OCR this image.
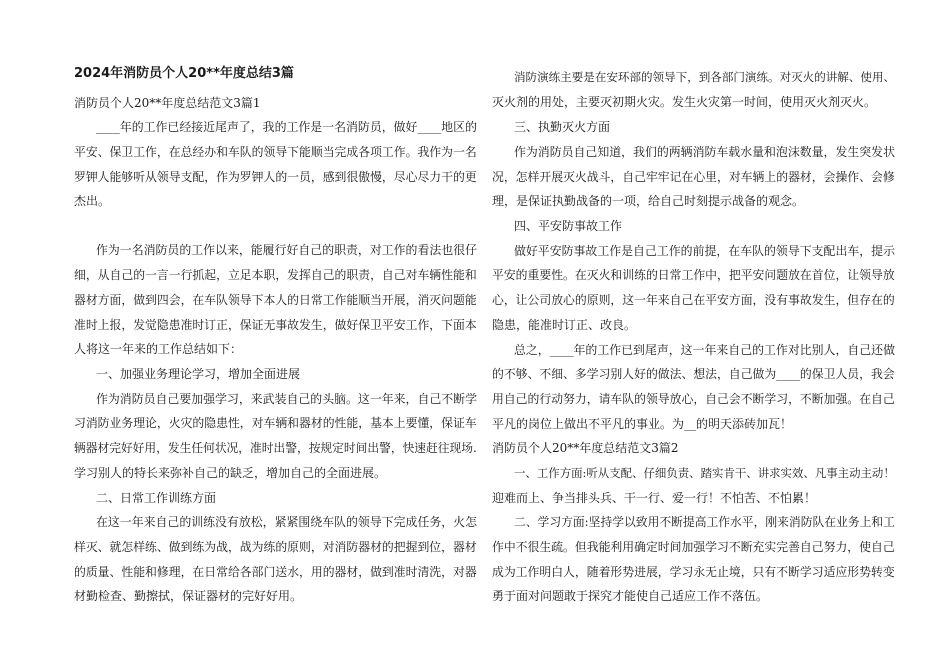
2024年消防员个人20**年度总结3篇
消防员个人20**年度总结范文3篇1
____年的工作已经接近尾声了，我的工作是一名消防员，做好____地区的
平安、保卫工作，在总经办和车队的领导下能顺当完成各项工作。我作为一名
罗钾人能够听从领导支配，作为罗钾人的一员，感到很傲慢，尽心尽力干的更
杰出。
作为一名消防员的工作以来，能履行好自己的职责，对工作的看法也很仔
细，从自己的一言一行抓起，立足本职，发挥自己的职责，自己对车辆性能和
器材方面，做到四会，在车队领导下本人的日常工作能顺当开展，消灭问题能
准时上报，发觉隐患准时订正，保证无事故发生，做好保卫平安工作，下面本
人将这一年来的工作总结如下：
一、加强业务理论学习，增加全面进展
作为消防员自己要加强学习，来武装自己的头脑。这一年来，自己不断学
习消防业务理论，火灾的隐患性，对车辆和器材的性能，基本上要懂，保证车
辆器材完好好用，发生任何状况，准时出警，按规定时间出警，快速赶往现场.
学习别人的特长来弥补自己的缺乏，增加自己的全面进展。
二、日常工作训练方面
在这一年来自己的训练没有放松，紧紧围绕车队的领导下完成任务，火怎
样灭、就怎样练、做到练为战，战为练的原则，对消防器材的把握到位，器材
的质量、性能和修理，在日常给各部门送水，用的器材，做到准时清洗，对器
材勤检查、勤擦拭，保证器材的完好好用。
消防演练主要是在安环部的领导下，到各部门演练。对灭火的讲解、使用、
灭火剂的用处，主要灭初期火灾。发生火灾第一时间，使用灭火剂灭火。
三、执勤灭火方面
作为消防员自己知道，我们的两辆消防车载水量和泡沫数量，发生突发状
况，怎样开展灭火战斗，自己牢牢记在心里，对车辆上的器材，会操作、会修
理，是保证执勤战备的一项，给自己时刻提示战备的观念。
四、平安防事故工作
做好平安防事故工作是自己工作的前提，在车队的领导下支配出车，提示
平安的重要性。在灭火和训练的日常工作中，把平安问题放在首位，让领导放
心，让公司放心的原则，这一年来自己在平安方面，没有事故发生，但存在的
隐患，能准时订正、改良。
总之，____年的工作已到尾声，这一年来自己的工作对比别人，自己还做
的不够、不细、多学习别人好的做法、想法，自己做为____的保卫人员，我会
用自己的行动努力，请车队的领导放心，自己会不断学习，不断加强。在自己
平凡的岗位上做出不平凡的事业。为__的明天添砖加瓦！
消防员个人20**年度总结范文3篇2
一、工作方面:听从支配、仔细负责、踏实肯干、讲求实效、凡事主动主动！
迎难而上、争当排头兵、干一行、爱一行！不怕苦、不怕累！
二、学习方面:坚持学以致用不断提高工作水平，刚来消防队在业务上和工
作中不很生疏。但我能利用确定时间加强学习不断充实完善自己努力，使自己
成为工作明白人，随着形势进展，学习永无止境，只有不断学习适应形势转变
勇于面对问题敢于探究才能使自己适应工作不落伍。
